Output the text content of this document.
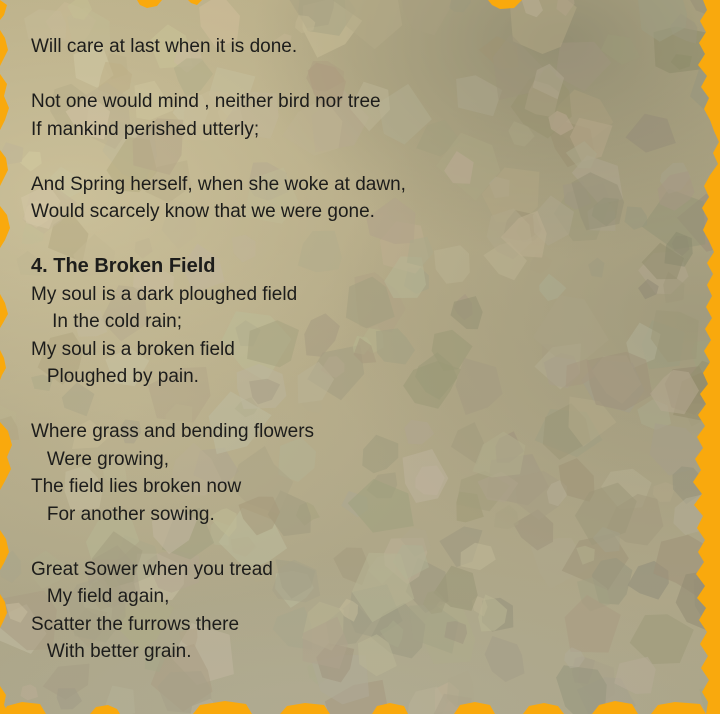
Will care at last when it is done.

Not one would mind , neither bird nor tree
If mankind perished utterly;

And Spring herself, when she woke at dawn,
Would scarcely know that we were gone.

4. The Broken Field
My soul is a dark ploughed field
In the cold rain;
My soul is a broken field
Ploughed by pain.

Where grass and bending flowers
Were growing,
The field lies broken now
For another sowing.

Great Sower when you tread
My field again,
Scatter the furrows there
With better grain.
